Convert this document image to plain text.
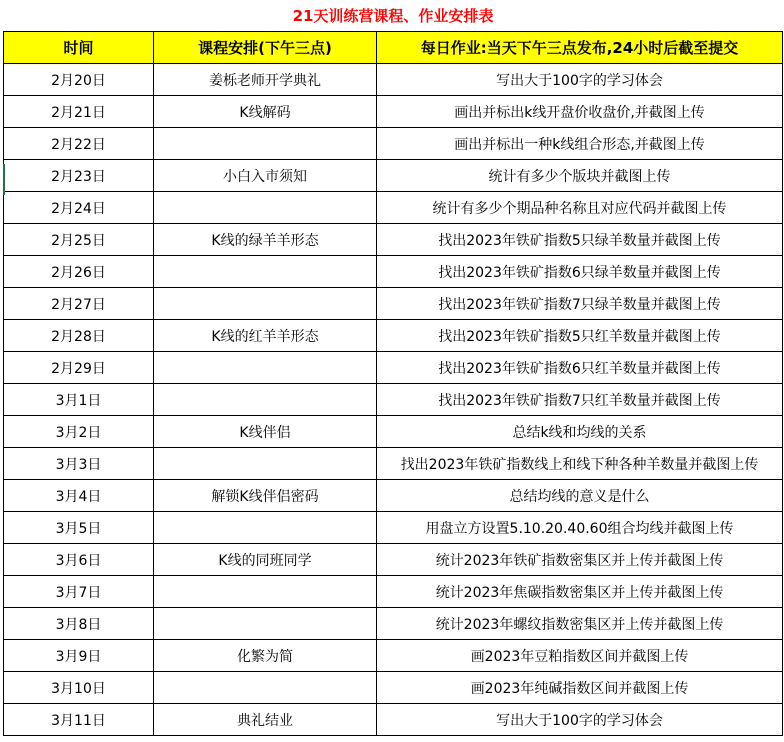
21天训练营课程、作业安排表		
时间	课程安排(下午三点)	每日作业:当天下午三点发布,24小时后截至提交
2月20日	姜栎老师开学典礼	写出大于100字的学习体会
2月21日	K线解码	画出并标出k线开盘价收盘价,并截图上传
2月22日		画出并标出一种k线组合形态,并截图上传
2月23日	小白入市须知	统计有多少个版块并截图上传
2月24日		统计有多少个期品种名称且对应代码并截图上传
2月25日	K线的绿羊羊形态	找出2023年铁矿指数5只绿羊数量并截图上传
2月26日		找出2023年铁矿指数6只绿羊数量并截图上传
2月27日		找出2023年铁矿指数7只绿羊数量并截图上传
2月28日	K线的红羊羊形态	找出2023年铁矿指数5只红羊数量并截图上传
2月29日		找出2023年铁矿指数6只红羊数量并截图上传
3月1日		找出2023年铁矿指数7只红羊数量并截图上传
3月2日	K线伴侣	总结k线和均线的关系
3月3日		找出2023年铁矿指数线上和线下种各种羊数量并截图上传
3月4日	解锁K线伴侣密码	总结均线的意义是什么
3月5日		用盘立方设置5.10.20.40.60组合均线并截图上传
3月6日	K线的同班同学	统计2023年铁矿指数密集区并上传并截图上传
3月7日		统计2023年焦碳指数密集区并上传并截图上传
3月8日		统计2023年螺纹指数密集区并上传并截图上传
3月9日	化繁为简	画2023年豆粕指数区间并截图上传
3月10日		画2023年纯碱指数区间并截图上传
3月11日	典礼结业	写出大于100字的学习体会
